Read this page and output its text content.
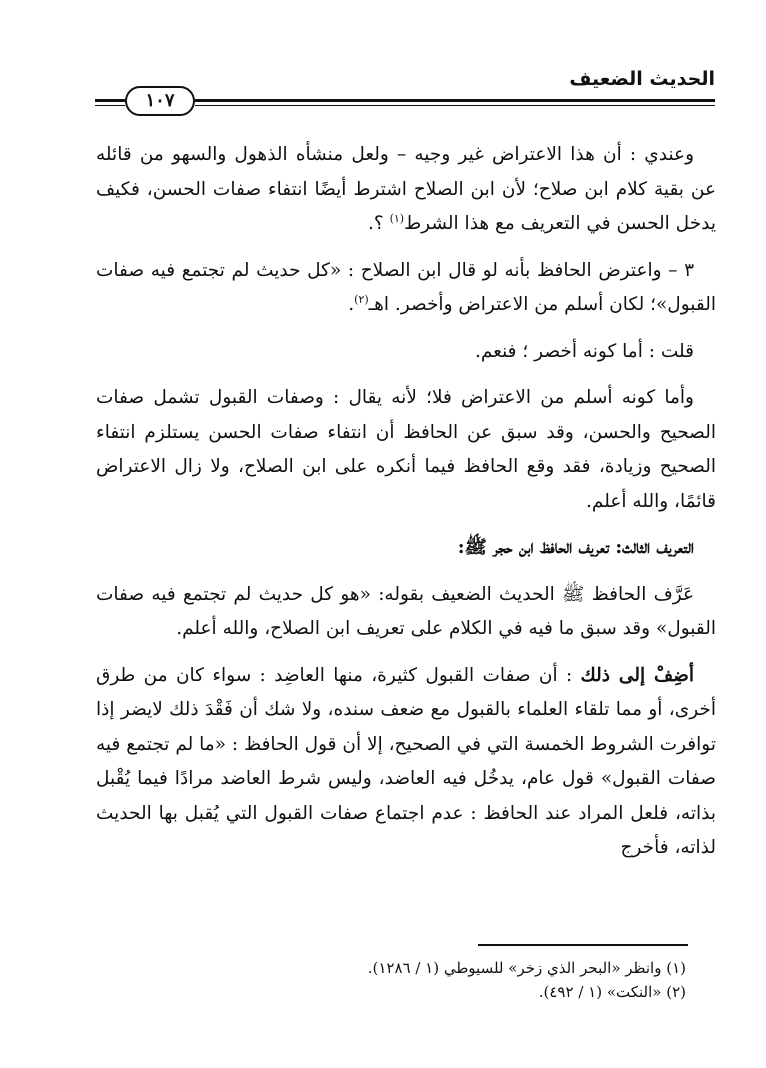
الحديث الضعيف
١٠٧

وعندي : أن هذا الاعتراض غير وجيه – ولعل منشأه الذهول والسهو من قائله عن بقية كلام ابن صلاح؛ لأن ابن الصلاح اشترط أيضًا انتفاء صفات الحسن، فكيف يدخل الحسن في التعريف مع هذا الشرط$^{(١)}$ ؟.

٣ – واعترض الحافظ بأنه لو قال ابن الصلاح : «كل حديث لم تجتمع فيه صفات القبول»؛ لكان أسلم من الاعتراض وأخصر. اهـ$^{(٢)}$.

قلت : أما كونه أخصر ؛ فنعم.

وأما كونه أسلم من الاعتراض فلا؛ لأنه يقال : وصفات القبول تشمل صفات الصحيح والحسن، وقد سبق عن الحافظ أن انتفاء صفات الحسن يستلزم انتفاء الصحيح وزيادة، فقد وقع الحافظ فيما أنكره على ابن الصلاح، ولا زال الاعتراض قائمًا، والله أعلم.

التعريف الثالث: تعريف الحافظ ابن حجر ﷺ:

عَرَّف الحافظ ﷺ الحديث الضعيف بقوله: «هو كل حديث لم تجتمع فيه صفات القبول» وقد سبق ما فيه في الكلام على تعريف ابن الصلاح، والله أعلم.

أضِفْ إلى ذلك : أن صفات القبول كثيرة، منها العاضِد : سواء كان من طرق أخرى، أو مما تلقاء العلماء بالقبول مع ضعف سنده، ولا شك أن فَقْدَ ذلك لايضر إذا توافرت الشروط الخمسة التي في الصحيح، إلا أن قول الحافظ : «ما لم تجتمع فيه صفات القبول» قول عام، يدخُل فيه العاضد، وليس شرط العاضد مرادًا فيما يُقْبل بذاته، فلعل المراد عند الحافظ : عدم اجتماع صفات القبول التي يُقبل بها الحديث لذاته، فأخرج

(١) وانظر «البحر الذي زخر» للسيوطي (١ / ١٢٨٦).

(٢) «النكت» (١ / ٤٩٢).
